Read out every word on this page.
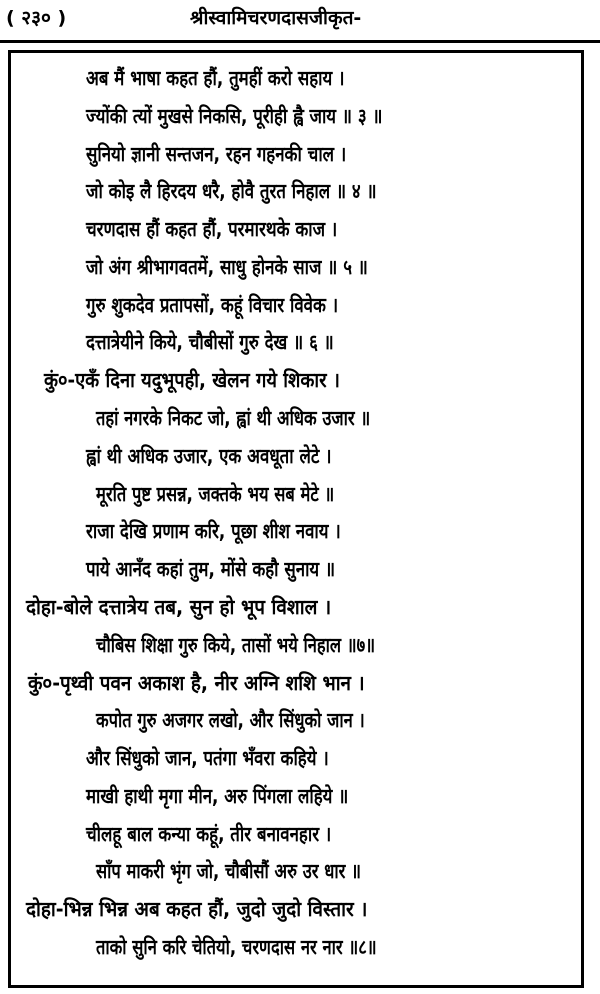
( २३० )	श्रीस्वामिचरणदासजीकृत-
अब मैं भाषा कहत हौं, तुमहीं करो सहाय ।
ज्योंकी त्यों मुखसे निकसि, पूरीही ह्वै जाय ॥ ३ ॥
सुनियो ज्ञानी सन्तजन, रहन गहनकी चाल ।
जो कोइ लै हिरदय धरै, होवै तुरत निहाल ॥ ४ ॥
चरणदास हौं कहत हौं, परमारथके काज ।
जो अंग श्रीभागवतमें, साधु होनके साज ॥ ५ ॥
गुरु शुकदेव प्रतापसों, कहूं विचार विवेक ।
दत्तात्रेयीने किये, चौबीसों गुरु देख ॥ ६ ॥
कुं०-एकँ दिना यदुभूपही, खेलन गये शिकार ।
तहां नगरके निकट जो, ह्वां थी अधिक उजार ॥
ह्वां थी अधिक उजार, एक अवधूता लेटे ।
मूरति पुष्ट प्रसन्न, जक्तके भय सब मेटे ॥
राजा देखि प्रणाम करि, पूछा शीश नवाय ।
पाये आनँद कहां तुम, मोंसे कहौ सुनाय ॥
दोहा-बोले दत्तात्रेय तब, सुन हो भूप विशाल ।
चौबिस शिक्षा गुरु किये, तासों भये निहाल ॥७॥
कुं०-पृथ्वी पवन अकाश है, नीर अग्नि शशि भान ।
कपोत गुरु अजगर लखो, और सिंधुको जान ।
और सिंधुको जान, पतंगा भँवरा कहिये ।
माखी हाथी मृगा मीन, अरु पिंगला लहिये ॥
चीलहू बाल कन्या कहूं, तीर बनावनहार ।
साँप माकरी भृंग जो, चौबीसौं अरु उर धार ॥
दोहा-भिन्न भिन्न अब कहत हौं, जुदो जुदो विस्तार ।
ताको सुनि करि चेतियो, चरणदास नर नार ॥८॥
